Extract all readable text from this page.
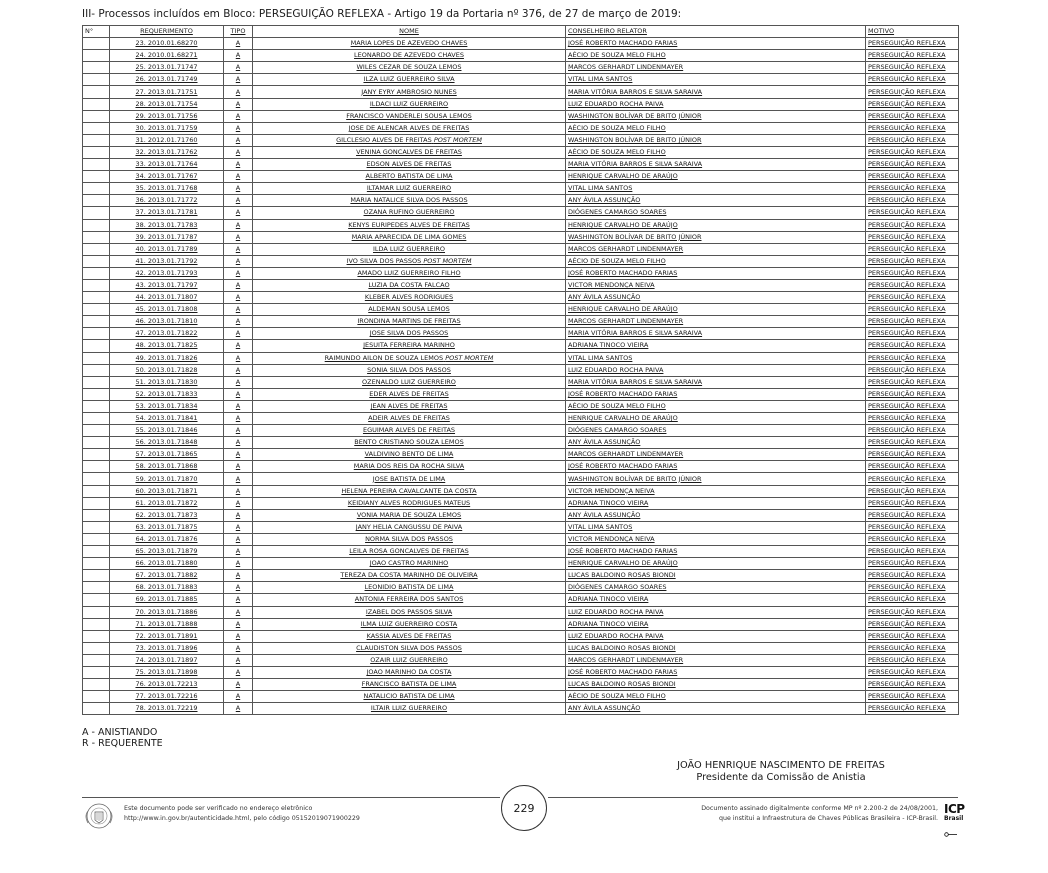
III- Processos incluídos em Bloco: PERSEGUIÇÃO REFLEXA - Artigo 19 da Portaria nº 376, de 27 de março de 2019:
N°	REQUERIMENTO	TIPO	NOME	CONSELHEIRO RELATOR	MOTIVO
	23. 2010.01.68270	A	MARIA LOPES DE AZEVEDO CHAVES	JOSÉ ROBERTO MACHADO FARIAS	PERSEGUIÇÃO REFLEXA
	24. 2010.01.68271	A	LEONARDO DE AZEVEDO CHAVES	AÉCIO DE SOUZA MELO FILHO	PERSEGUIÇÃO REFLEXA
	25. 2013.01.71747	A	WILES CEZAR DE SOUZA LEMOS	MARCOS GERHARDT LINDENMAYER	PERSEGUIÇÃO REFLEXA
	26. 2013.01.71749	A	ILZA LUIZ GUERREIRO SILVA	VITAL LIMA SANTOS	PERSEGUIÇÃO REFLEXA
	27. 2013.01.71751	A	JANY EYRY AMBROSIO NUNES	MARIA VITÓRIA BARROS E SILVA SARAIVA	PERSEGUIÇÃO REFLEXA
	28. 2013.01.71754	A	ILDACI LUIZ GUERREIRO	LUIZ EDUARDO ROCHA PAIVA	PERSEGUIÇÃO REFLEXA
	29. 2013.01.71756	A	FRANCISCO VANDERLEI SOUSA LEMOS	WASHINGTON BOLÍVAR DE BRITO JÚNIOR	PERSEGUIÇÃO REFLEXA
	30. 2013.01.71759	A	JOSE DE ALENCAR ALVES DE FREITAS	AÉCIO DE SOUZA MELO FILHO	PERSEGUIÇÃO REFLEXA
	31. 2012.01.71760	A	GILCLESIO ALVES DE FREITAS POST MORTEM	WASHINGTON BOLÍVAR DE BRITO JÚNIOR	PERSEGUIÇÃO REFLEXA
	32. 2013.01.71762	A	VENINA GONCALVES DE FREITAS	AÉCIO DE SOUZA MELO FILHO	PERSEGUIÇÃO REFLEXA
	33. 2013.01.71764	A	EDSON ALVES DE FREITAS	MARIA VITÓRIA BARROS E SILVA SARAIVA	PERSEGUIÇÃO REFLEXA
	34. 2013.01.71767	A	ALBERTO BATISTA DE LIMA	HENRIQUE CARVALHO DE ARAÚJO	PERSEGUIÇÃO REFLEXA
	35. 2013.01.71768	A	ILTAMAR LUIZ GUERREIRO	VITAL LIMA SANTOS	PERSEGUIÇÃO REFLEXA
	36. 2013.01.71772	A	MARIA NATALICE SILVA DOS PASSOS	ANY ÁVILA ASSUNÇÃO	PERSEGUIÇÃO REFLEXA
	37. 2013.01.71781	A	OZANA RUFINO GUERREIRO	DIÓGENES CAMARGO SOARES	PERSEGUIÇÃO REFLEXA
	38. 2013.01.71783	A	KENYS EURIPEDES ALVES DE FREITAS	HENRIQUE CARVALHO DE ARAÚJO	PERSEGUIÇÃO REFLEXA
	39. 2013.01.71787	A	MARIA APARECIDA DE LIMA GOMES	WASHINGTON BOLÍVAR DE BRITO JÚNIOR	PERSEGUIÇÃO REFLEXA
	40. 2013.01.71789	A	ILDA LUIZ GUERREIRO	MARCOS GERHARDT LINDENMAYER	PERSEGUIÇÃO REFLEXA
	41. 2013.01.71792	A	IVO SILVA DOS PASSOS POST MORTEM	AÉCIO DE SOUZA MELO FILHO	PERSEGUIÇÃO REFLEXA
	42. 2013.01.71793	A	AMADO LUIZ GUERREIRO FILHO	JOSÉ ROBERTO MACHADO FARIAS	PERSEGUIÇÃO REFLEXA
	43. 2013.01.71797	A	LUZIA DA COSTA FALCAO	VICTOR MENDONÇA NEIVA	PERSEGUIÇÃO REFLEXA
	44. 2013.01.71807	A	KLEBER ALVES RODRIGUES	ANY ÁVILA ASSUNÇÃO	PERSEGUIÇÃO REFLEXA
	45. 2013.01.71808	A	ALDEMAN SOUSA LEMOS	HENRIQUE CARVALHO DE ARAÚJO	PERSEGUIÇÃO REFLEXA
	46. 2013.01.71810	A	IRONDINA MARTINS DE FREITAS	MARCOS GERHARDT LINDENMAYER	PERSEGUIÇÃO REFLEXA
	47. 2013.01.71822	A	JOSE SILVA DOS PASSOS	MARIA VITÓRIA BARROS E SILVA SARAIVA	PERSEGUIÇÃO REFLEXA
	48. 2013.01.71825	A	JESUITA FERREIRA MARINHO	ADRIANA TINOCO VIEIRA	PERSEGUIÇÃO REFLEXA
	49. 2013.01.71826	A	RAIMUNDO AILON DE SOUZA LEMOS POST MORTEM	VITAL LIMA SANTOS	PERSEGUIÇÃO REFLEXA
	50. 2013.01.71828	A	SONIA SILVA DOS PASSOS	LUIZ EDUARDO ROCHA PAIVA	PERSEGUIÇÃO REFLEXA
	51. 2013.01.71830	A	OZENALDO LUIZ GUERREIRO	MARIA VITÓRIA BARROS E SILVA SARAIVA	PERSEGUIÇÃO REFLEXA
	52. 2013.01.71833	A	EDER ALVES DE FREITAS	JOSÉ ROBERTO MACHADO FARIAS	PERSEGUIÇÃO REFLEXA
	53. 2013.01.71834	A	JEAN ALVES DE FREITAS	AÉCIO DE SOUZA MELO FILHO	PERSEGUIÇÃO REFLEXA
	54. 2013.01.71841	A	ADEIR ALVES DE FREITAS	HENRIQUE CARVALHO DE ARAÚJO	PERSEGUIÇÃO REFLEXA
	55. 2013.01.71846	A	EGUIMAR ALVES DE FREITAS	DIÓGENES CAMARGO SOARES	PERSEGUIÇÃO REFLEXA
	56. 2013.01.71848	A	BENTO CRISTIANO SOUZA LEMOS	ANY ÁVILA ASSUNÇÃO	PERSEGUIÇÃO REFLEXA
	57. 2013.01.71865	A	VALDIVINO BENTO DE LIMA	MARCOS GERHARDT LINDENMAYER	PERSEGUIÇÃO REFLEXA
	58. 2013.01.71868	A	MARIA DOS REIS DA ROCHA SILVA	JOSÉ ROBERTO MACHADO FARIAS	PERSEGUIÇÃO REFLEXA
	59. 2013.01.71870	A	JOSE BATISTA DE LIMA	WASHINGTON BOLÍVAR DE BRITO JÚNIOR	PERSEGUIÇÃO REFLEXA
	60. 2013.01.71871	A	HELENA PEREIRA CAVALCANTE DA COSTA	VICTOR MENDONÇA NEIVA	PERSEGUIÇÃO REFLEXA
	61. 2013.01.71872	A	KEIDIANY ALVES RODRIGUES MATEUS	ADRIANA TINOCO VIEIRA	PERSEGUIÇÃO REFLEXA
	62. 2013.01.71873	A	VONIA MARIA DE SOUZA LEMOS	ANY ÁVILA ASSUNÇÃO	PERSEGUIÇÃO REFLEXA
	63. 2013.01.71875	A	JANY HELIA CANGUSSU DE PAIVA	VITAL LIMA SANTOS	PERSEGUIÇÃO REFLEXA
	64. 2013.01.71876	A	NORMA SILVA DOS PASSOS	VICTOR MENDONÇA NEIVA	PERSEGUIÇÃO REFLEXA
	65. 2013.01.71879	A	LEILA ROSA GONCALVES DE FREITAS	JOSÉ ROBERTO MACHADO FARIAS	PERSEGUIÇÃO REFLEXA
	66. 2013.01.71880	A	JOAO CASTRO MARINHO	HENRIQUE CARVALHO DE ARAÚJO	PERSEGUIÇÃO REFLEXA
	67. 2013.01.71882	A	TEREZA DA COSTA MARINHO DE OLIVEIRA	LUCAS BALDOINO ROSAS BIONDI	PERSEGUIÇÃO REFLEXA
	68. 2013.01.71883	A	LEONIDIO BATISTA DE LIMA	DIÓGENES CAMARGO SOARES	PERSEGUIÇÃO REFLEXA
	69. 2013.01.71885	A	ANTONIA FERREIRA DOS SANTOS	ADRIANA TINOCO VIEIRA	PERSEGUIÇÃO REFLEXA
	70. 2013.01.71886	A	IZABEL DOS PASSOS SILVA	LUIZ EDUARDO ROCHA PAIVA	PERSEGUIÇÃO REFLEXA
	71. 2013.01.71888	A	ILMA LUIZ GUERREIRO COSTA	ADRIANA TINOCO VIEIRA	PERSEGUIÇÃO REFLEXA
	72. 2013.01.71891	A	KASSIA ALVES DE FREITAS	LUIZ EDUARDO ROCHA PAIVA	PERSEGUIÇÃO REFLEXA
	73. 2013.01.71896	A	CLAUDISTON SILVA DOS PASSOS	LUCAS BALDOINO ROSAS BIONDI	PERSEGUIÇÃO REFLEXA
	74. 2013.01.71897	A	OZAIR LUIZ GUERREIRO	MARCOS GERHARDT LINDENMAYER	PERSEGUIÇÃO REFLEXA
	75. 2013.01.71898	A	JOAO MARINHO DA COSTA	JOSÉ ROBERTO MACHADO FARIAS	PERSEGUIÇÃO REFLEXA
	76. 2013.01.72213	A	FRANCISCO BATISTA DE LIMA	LUCAS BALDOINO ROSAS BIONDI	PERSEGUIÇÃO REFLEXA
	77. 2013.01.72216	A	NATALICIO BATISTA DE LIMA	AÉCIO DE SOUZA MELO FILHO	PERSEGUIÇÃO REFLEXA
	78. 2013.01.72219	A	ILTAIR LUIZ GUERREIRO	ANY ÁVILA ASSUNÇÃO	PERSEGUIÇÃO REFLEXA
A - ANISTIANDO
R - REQUERENTE
JOÃO HENRIQUE NASCIMENTO DE FREITAS
Presidente da Comissão de Anistia
229
Este documento pode ser verificado no endereço eletrônico
http://www.in.gov.br/autenticidade.html, pelo código 05152019071900229
Documento assinado digitalmente conforme MP nº 2.200-2 de 24/08/2001,
que institui a Infraestrutura de Chaves Públicas Brasileira - ICP-Brasil.
ICP
Brasil
